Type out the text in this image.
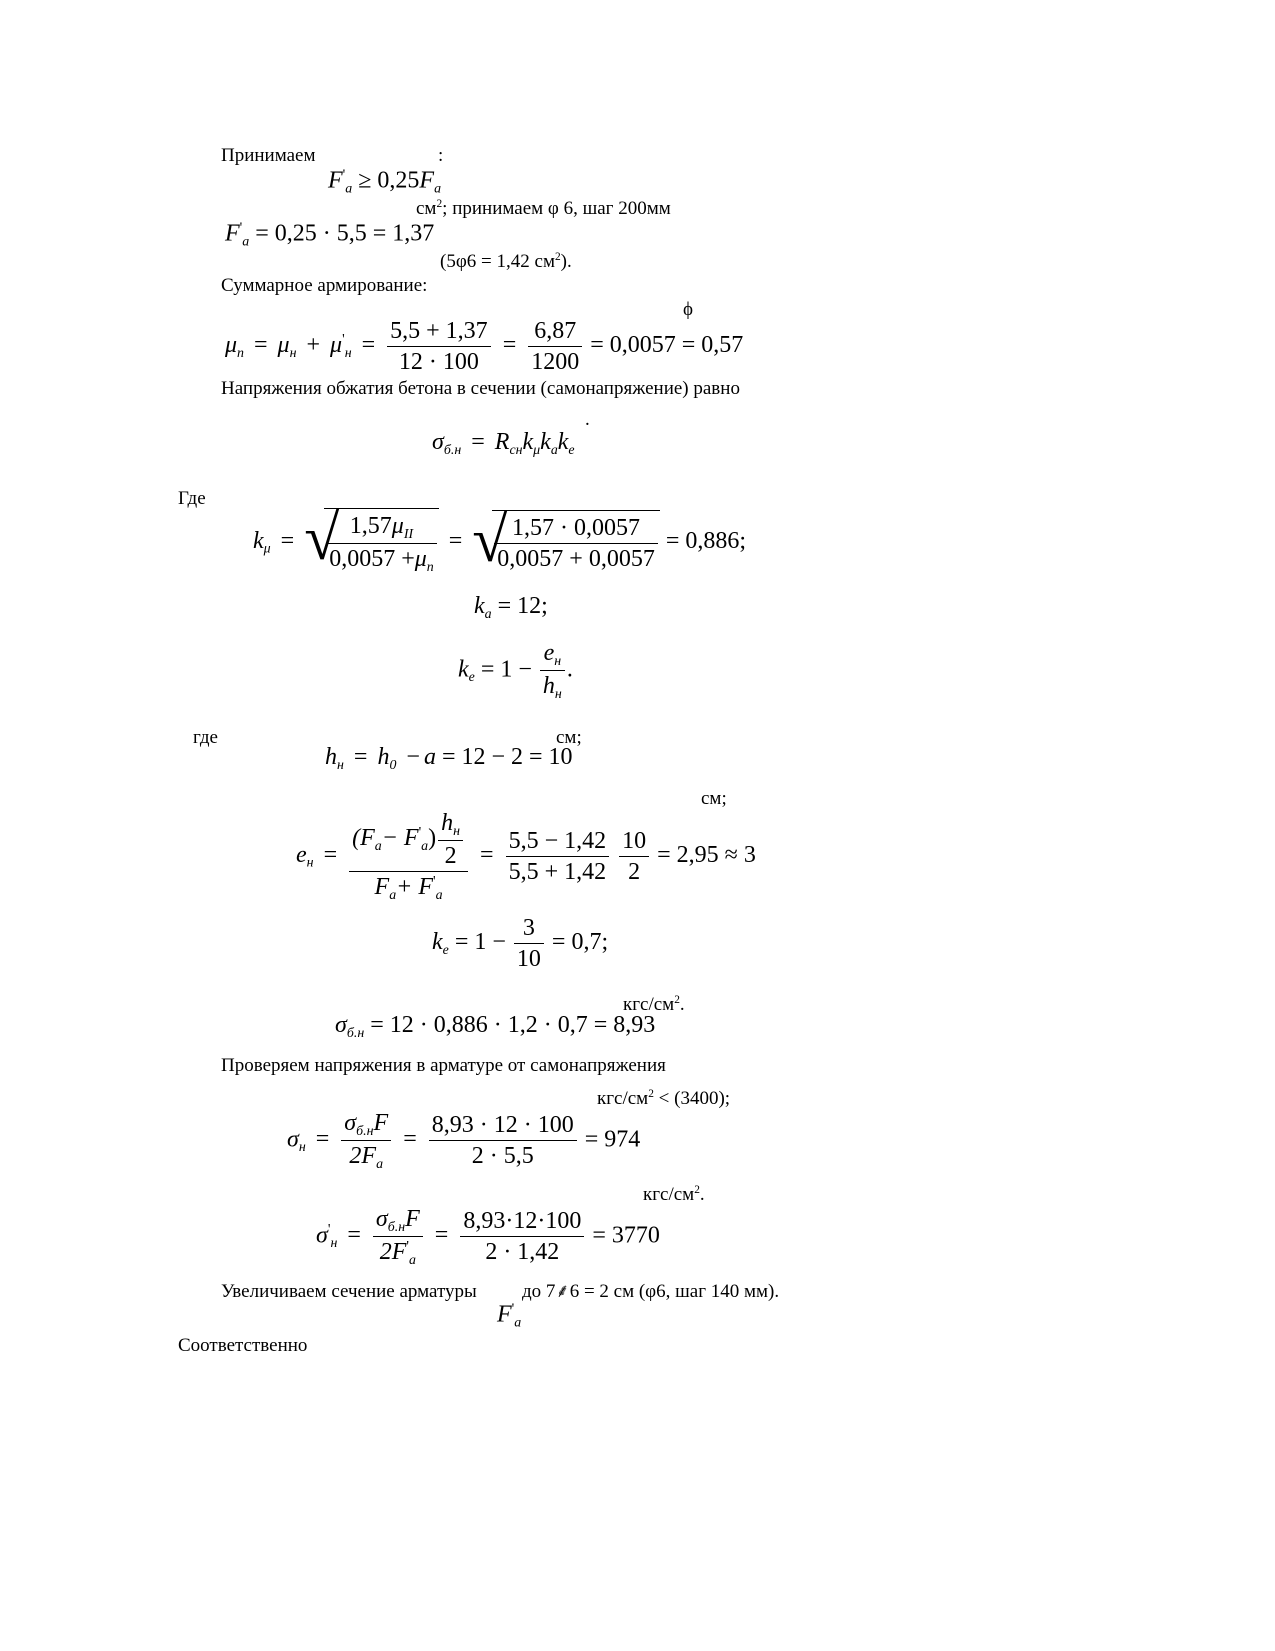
Принимаем	:
$F'_a \ge 0,25F_a$
$см^2$; принимаем φ 6, шаг 200мм
$F'_a = 0,25 \cdot 5,5 = 1,37$
(5φ6 = 1,42 $см^2$).
Суммарное армирование:
ϕ
$\mu_п = \mu_н + \mu'_н = \frac{5,5 + 1,37}{12 \cdot 100} = \frac{6,87}{1200} = 0,0057 = 0,57$
Напряжения обжатия бетона в сечении (самонапряжение) равно
.
$\sigma_{б.н} = R_{сн}k_\mu k_ak_e$
Где
$k_\mu$ = √
$\frac{1,57\mu_{II}}{0,0057 +\mu_п}$ = √
$\frac{1,57 \cdot 0,0057}{0,0057 + 0,0057} = 0,886$;
$k_a = 12$;
$k_e = 1 - \frac{e_н}{h_н}$ .
где	см;
$h_н = h_0 - a = 12 - 2 = 10$
см;
$e_н = \frac{(F_a- F'_a) \frac{h_н}{2}}{F_a+ F'_a} = \frac{5,5 - 1,42}{5,5 + 1,42}$
$\frac{10}{2} = 2,95 \approx 3$
$k_e = 1 - \frac{3}{10} = 0,7$;
кгс/$см^2$.
$\sigma_{б.н} = 12 \cdot 0,886 \cdot 1,2 \cdot 0,7 = 8,93$
Проверяем напряжения в арматуре от самонапряжения
кгс/$см^2 < (3400)$;
$\sigma_н = \frac{\sigma_{б.н}F}{2F_a} = \frac{8,93 \cdot 12 \cdot 100}{2 \cdot 5,5} = 974$
кгс/$см^2$.
$\sigma'_н = \frac{\sigma_{б.н}F}{2F'_a} = \frac{8,93\cdot 12\cdot 100}{2 \cdot 1,42} = 3770$
Увеличиваем сечение арматуры до 7⸙6 = 2 см (φ6, шаг 140 мм).
$F'_a$
Соответственно
